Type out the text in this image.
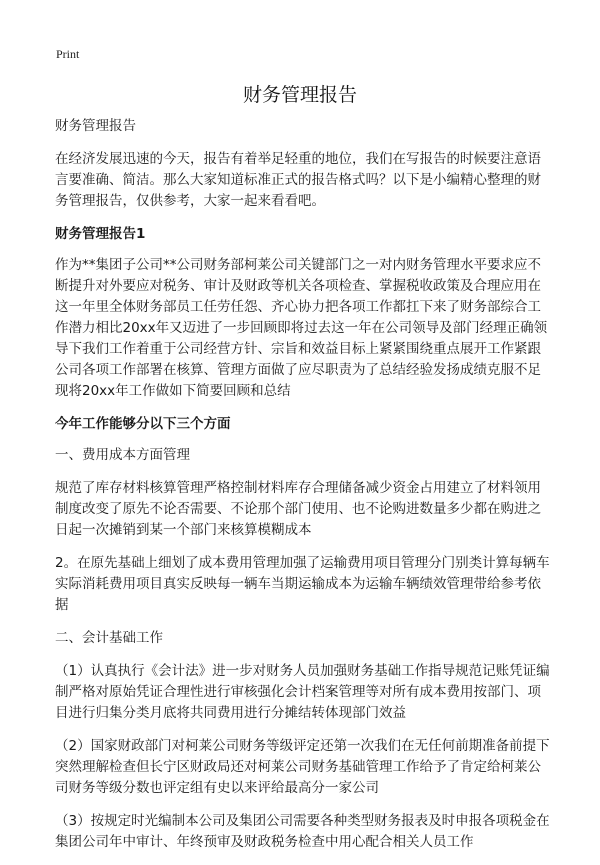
Print
财务管理报告

财务管理报告

在经济发展迅速的今天，报告有着举足轻重的地位，我们在写报告的时候要注意语言要准确、简洁。那么大家知道标准正式的报告格式吗？以下是小编精心整理的财务管理报告，仅供参考，大家一起来看看吧。

财务管理报告1

作为**集团子公司**公司财务部柯莱公司关键部门之一对内财务管理水平要求应不断提升对外要应对税务、审计及财政等机关各项检查、掌握税收政策及合理应用在这一年里全体财务部员工任劳任怨、齐心协力把各项工作都扛下来了财务部综合工作潜力相比20xx年又迈进了一步回顾即将过去这一年在公司领导及部门经理正确领导下我们工作着重于公司经营方针、宗旨和效益目标上紧紧围绕重点展开工作紧跟公司各项工作部署在核算、管理方面做了应尽职责为了总结经验发扬成绩克服不足现将20xx年工作做如下简要回顾和总结

今年工作能够分以下三个方面

一、费用成本方面管理

规范了库存材料核算管理严格控制材料库存合理储备减少资金占用建立了材料领用制度改变了原先不论否需要、不论那个部门使用、也不论购进数量多少都在购进之日起一次摊销到某一个部门来核算模糊成本

2。在原先基础上细划了成本费用管理加强了运输费用项目管理分门别类计算每辆车实际消耗费用项目真实反映每一辆车当期运输成本为运输车辆绩效管理带给参考依据

二、会计基础工作

（1）认真执行《会计法》进一步对财务人员加强财务基础工作指导规范记账凭证编制严格对原始凭证合理性进行审核强化会计档案管理等对所有成本费用按部门、项目进行归集分类月底将共同费用进行分摊结转体现部门效益

（2）国家财政部门对柯莱公司财务等级评定还第一次我们在无任何前期准备前提下突然理解检查但长宁区财政局还对柯莱公司财务基础管理工作给予了肯定给柯莱公司财务等级分数也评定组有史以来评给最高分一家公司

（3）按规定时光编制本公司及集团公司需要各种类型财务报表及时申报各项税金在集团公司年中审计、年终预审及财政税务检查中用心配合相关人员工作
